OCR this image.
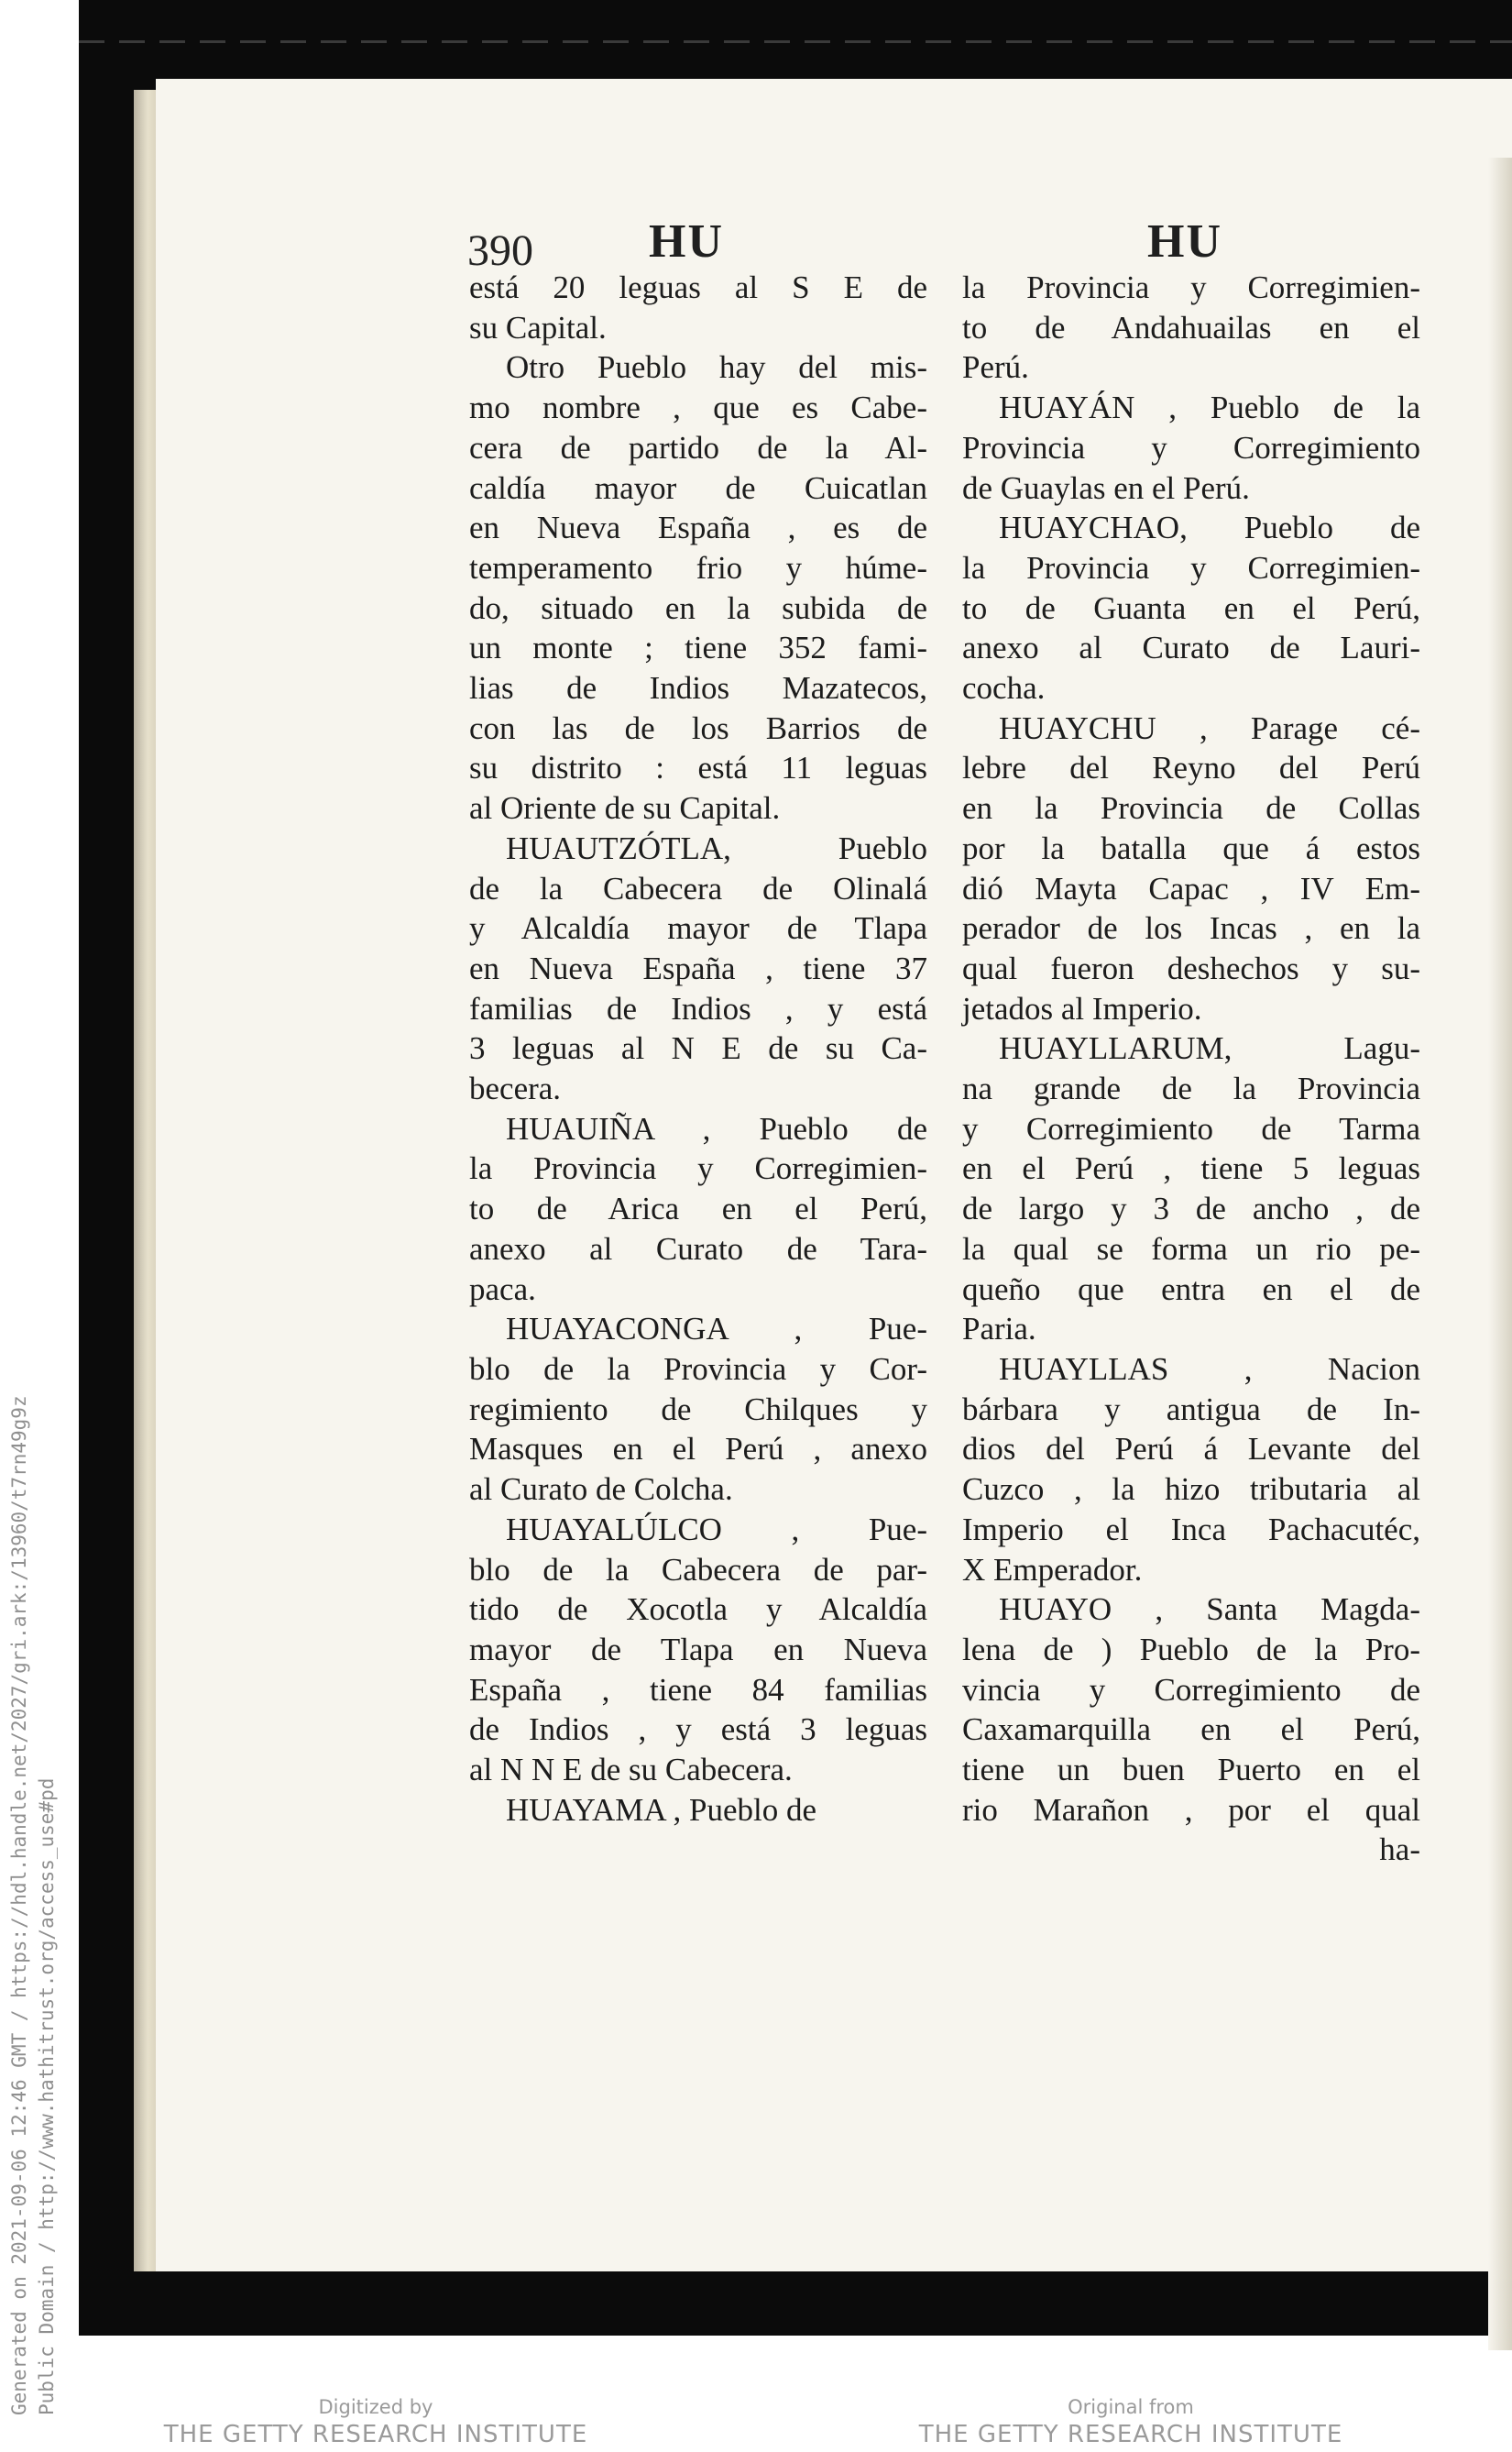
Generated on 2021-09-06 12:46 GMT / https://hdl.handle.net/2027/gri.ark:/13960/t7rn49g9z Public Domain / http://www.hathitrust.org/access_use#pd
390 HU	HU
está 20 leguas al S E de
su Capital.
Otro Pueblo hay del mis-
mo nombre , que es Cabe-
cera de partido de la Al-
caldía mayor de Cuicatlan
en Nueva España , es de
temperamento frio y húme-
do, situado en la subida de
un monte ; tiene 352 fami-
lias de Indios Mazatecos,
con las de los Barrios de
su distrito : está 11 leguas
al Oriente de su Capital.
HUAUTZÓTLA, Pueblo
de la Cabecera de Olinalá
y Alcaldía mayor de Tlapa
en Nueva España , tiene 37
familias de Indios , y está
3 leguas al N E de su Ca-
becera.
HUAUIÑA , Pueblo de
la Provincia y Corregimien-
to de Arica en el Perú,
anexo al Curato de Tara-
paca.
HUAYACONGA , Pue-
blo de la Provincia y Cor-
regimiento de Chilques y
Masques en el Perú , anexo
al Curato de Colcha.
HUAYALÚLCO , Pue-
blo de la Cabecera de par-
tido de Xocotla y Alcaldía
mayor de Tlapa en Nueva
España , tiene 84 familias
de Indios , y está 3 leguas
al N N E de su Cabecera.
HUAYAMA , Pueblo de
la Provincia y Corregimien-
to de Andahuailas en el
Perú.
HUAYÁN , Pueblo de la
Provincia y Corregimiento
de Guaylas en el Perú.
HUAYCHAO, Pueblo de
la Provincia y Corregimien-
to de Guanta en el Perú,
anexo al Curato de Lauri-
cocha.
HUAYCHU , Parage cé-
lebre del Reyno del Perú
en la Provincia de Collas
por la batalla que á estos
dió Mayta Capac , IV Em-
perador de los Incas , en la
qual fueron deshechos y su-
jetados al Imperio.
HUAYLLARUM, Lagu-
na grande de la Provincia
y Corregimiento de Tarma
en el Perú , tiene 5 leguas
de largo y 3 de ancho , de
la qual se forma un rio pe-
queño que entra en el de
Paria.
HUAYLLAS , Nacion
bárbara y antigua de In-
dios del Perú á Levante del
Cuzco , la hizo tributaria al
Imperio el Inca Pachacutéc,
X Emperador.
HUAYO , Santa Magda-
lena de ) Pueblo de la Pro-
vincia y Corregimiento de
Caxamarquilla en el Perú,
tiene un buen Puerto en el
rio Marañon , por el qual
ha-
Digitized by
THE GETTY RESEARCH INSTITUTE
Original from
THE GETTY RESEARCH INSTITUTE
